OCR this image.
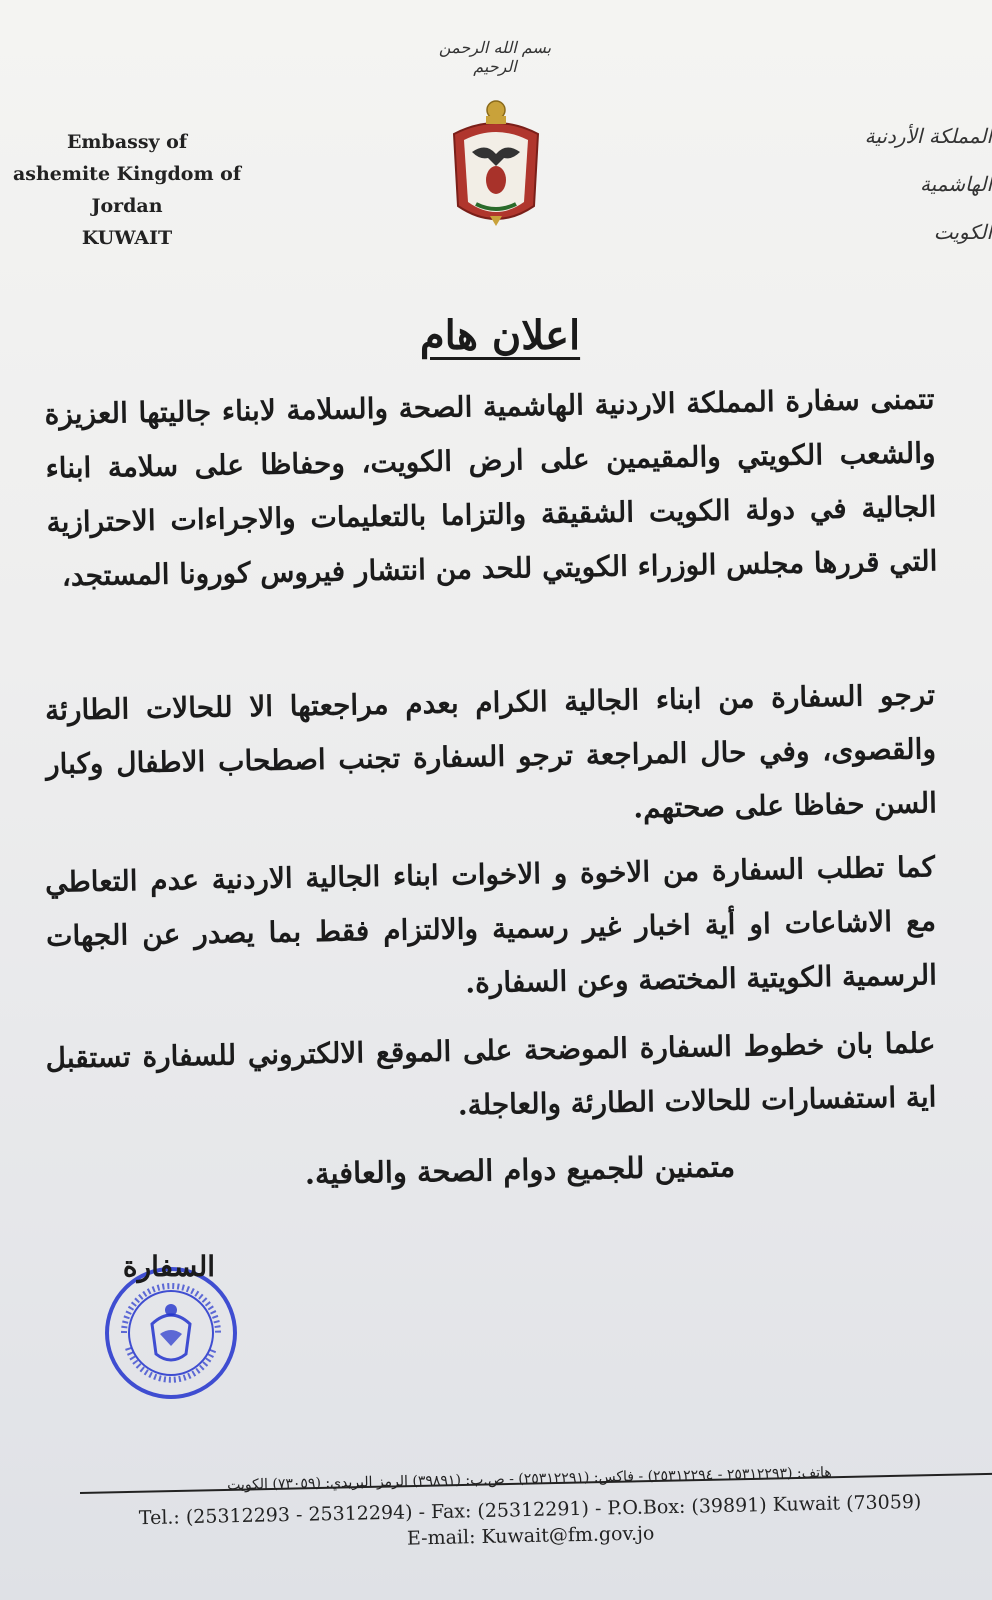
Embassy of
ashemite Kingdom of Jordan
KUWAIT
بسم الله الرحمن الرحيم
المملكة الأردنية الهاشمية
الكويت
اعلان هام
تتمنى سفارة المملكة الاردنية الهاشمية الصحة والسلامة لابناء جاليتها العزيزة والشعب الكويتي والمقيمين على ارض الكويت، وحفاظا على سلامة ابناء الجالية في دولة الكويت الشقيقة والتزاما بالتعليمات والاجراءات الاحترازية التي قررها مجلس الوزراء الكويتي للحد من انتشار فيروس كورونا المستجد،
ترجو السفارة من ابناء الجالية الكرام بعدم مراجعتها الا للحالات الطارئة والقصوى، وفي حال المراجعة ترجو السفارة تجنب اصطحاب الاطفال وكبار السن حفاظا على صحتهم.
كما تطلب السفارة من الاخوة و الاخوات ابناء الجالية الاردنية عدم التعاطي مع الاشاعات او أية اخبار غير رسمية والالتزام فقط بما يصدر عن الجهات الرسمية الكويتية المختصة وعن السفارة.
علما بان خطوط السفارة الموضحة على الموقع الالكتروني للسفارة تستقبل اية استفسارات للحالات الطارئة والعاجلة.
متمنين للجميع دوام الصحة والعافية.
السفارة
هاتف: (٢٥٣١٢٢٩٣ - ٢٥٣١٢٢٩٤) - فاكس: (٢٥٣١٢٢٩١) - ص.ب: (٣٩٨٩١) الرمز البريدي: (٧٣٠٥٩) الكويت
Tel.: (25312293 - 25312294) - Fax: (25312291) - P.O.Box: (39891) Kuwait (73059)
E-mail: Kuwait@fm.gov.jo
